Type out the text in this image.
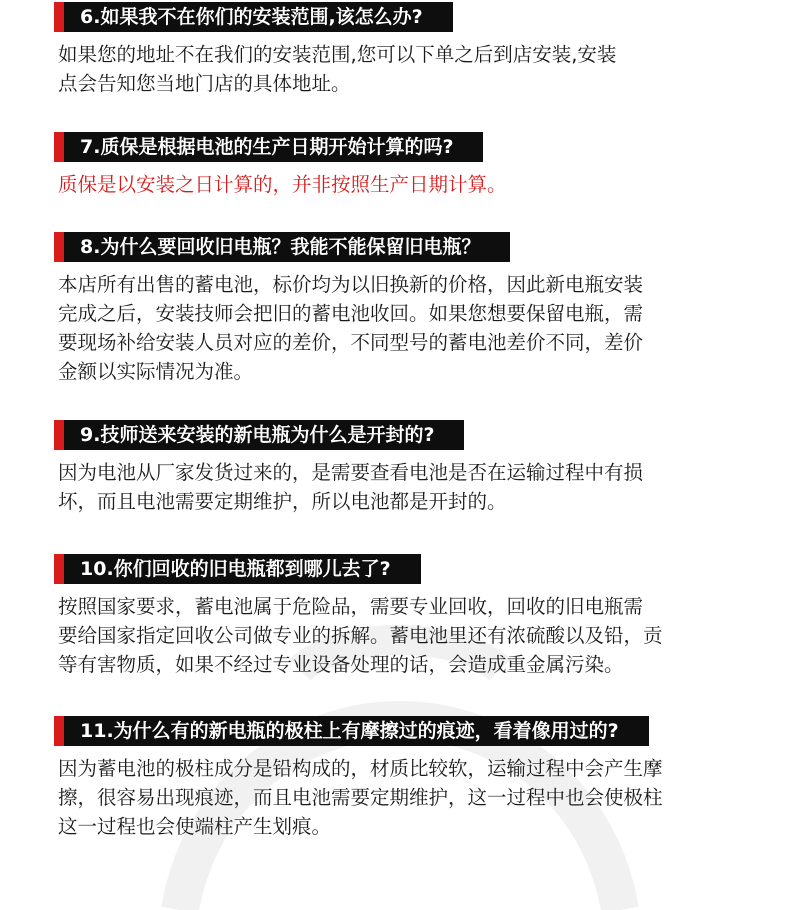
6.如果我不在你们的安装范围,该怎么办?
如果您的地址不在我们的安装范围,您可以下单之后到店安装,安装
点会告知您当地门店的具体地址。
7.质保是根据电池的生产日期开始计算的吗?
质保是以安装之日计算的，并非按照生产日期计算。
8.为什么要回收旧电瓶？我能不能保留旧电瓶？
本店所有出售的蓄电池，标价均为以旧换新的价格，因此新电瓶安装
完成之后，安装技师会把旧的蓄电池收回。如果您想要保留电瓶，需
要现场补给安装人员对应的差价，不同型号的蓄电池差价不同，差价
金额以实际情况为准。
9.技师送来安装的新电瓶为什么是开封的?
因为电池从厂家发货过来的，是需要查看电池是否在运输过程中有损
坏，而且电池需要定期维护，所以电池都是开封的。
10.你们回收的旧电瓶都到哪儿去了?
按照国家要求，蓄电池属于危险品，需要专业回收，回收的旧电瓶需
要给国家指定回收公司做专业的拆解。蓄电池里还有浓硫酸以及铅，贡
等有害物质，如果不经过专业设备处理的话，会造成重金属污染。
11.为什么有的新电瓶的极柱上有摩擦过的痕迹，看着像用过的?
因为蓄电池的极柱成分是铅构成的，材质比较软，运输过程中会产生摩
擦，很容易出现痕迹，而且电池需要定期维护，这一过程中也会使极柱
这一过程也会使端柱产生划痕。
